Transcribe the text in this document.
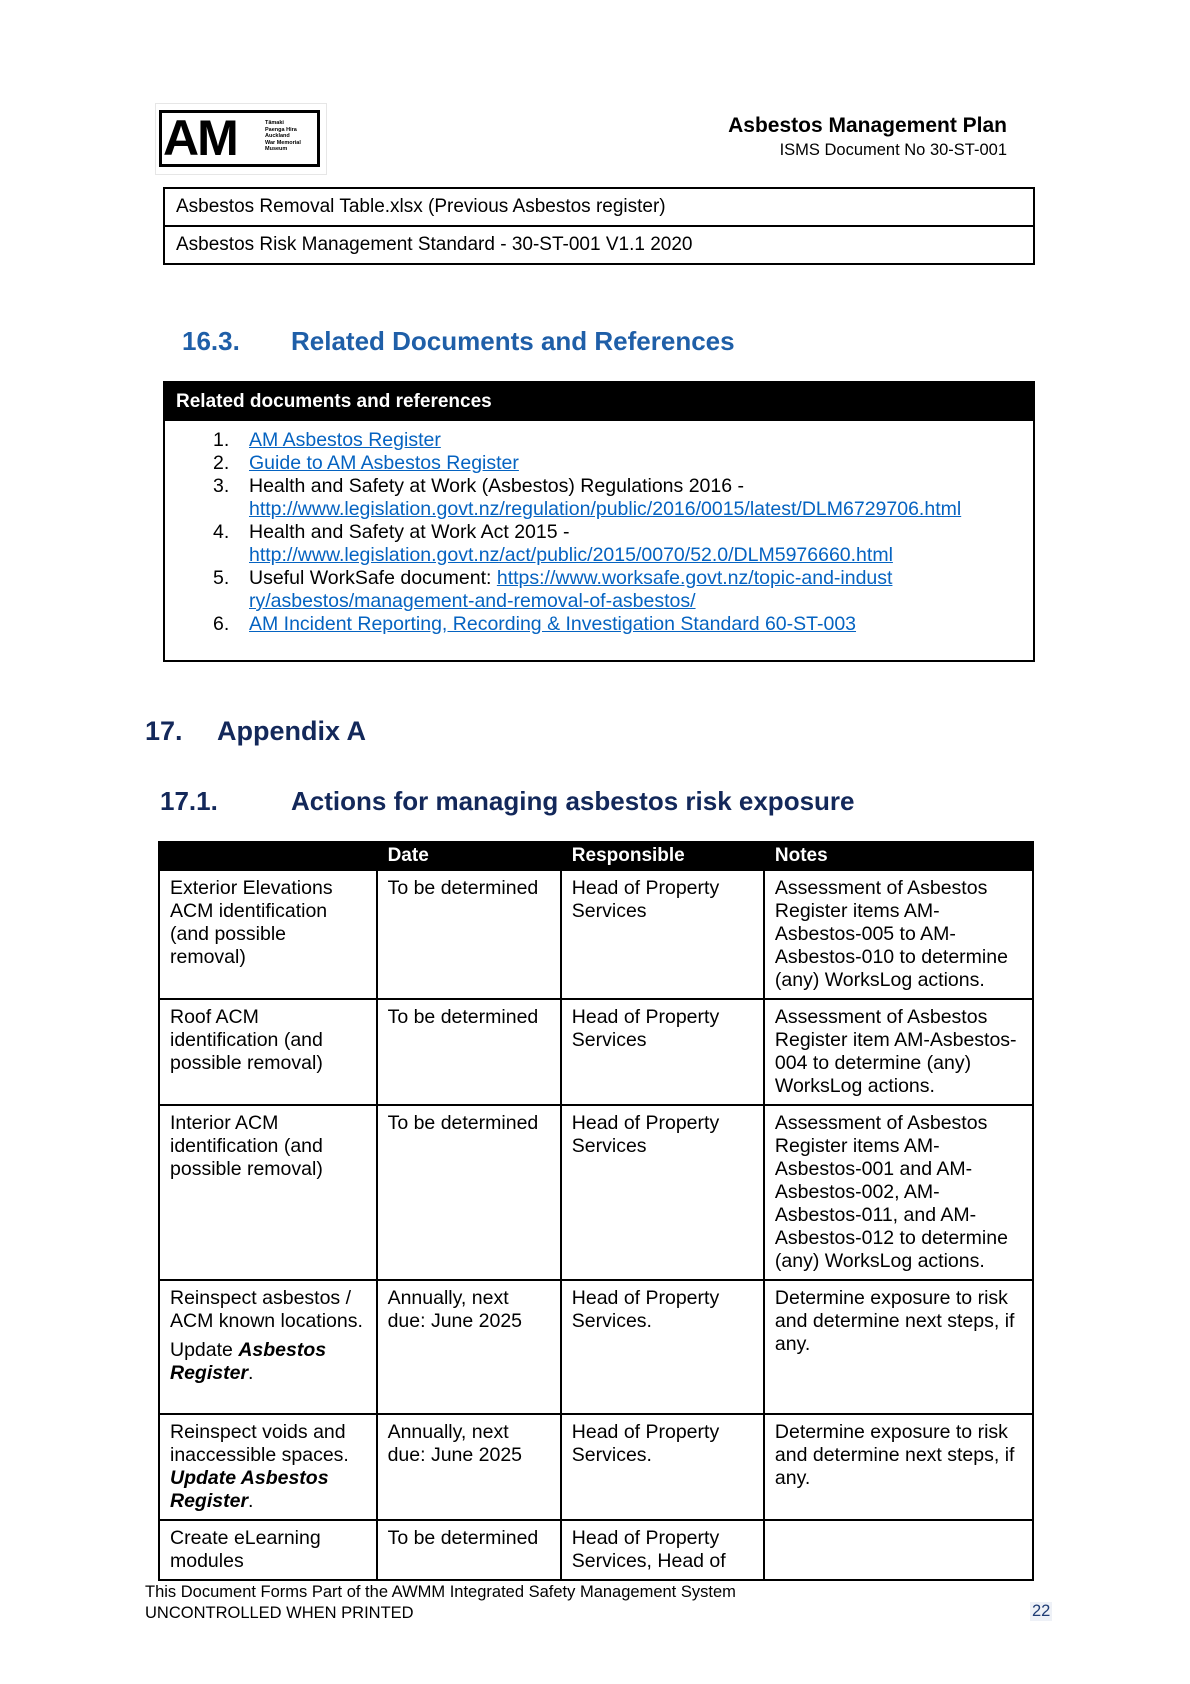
AM	Tāmaki
Paenga Hira
Auckland
War Memorial
Museum
Asbestos Management Plan
ISMS Document No 30-ST-001
Asbestos Removal Table.xlsx (Previous Asbestos register)
Asbestos Risk Management Standard - 30-ST-001 V1.1 2020
16.3. Related Documents and References
Related documents and references
1. AM Asbestos Register
2. Guide to AM Asbestos Register
3. Health and Safety at Work (Asbestos) Regulations 2016 -
http://www.legislation.govt.nz/regulation/public/2016/0015/latest/DLM6729706.html
4. Health and Safety at Work Act 2015 -
http://www.legislation.govt.nz/act/public/2015/0070/52.0/DLM5976660.html
5. Useful WorkSafe document: https://www.worksafe.govt.nz/topic-and-industry/asbestos/management-and-removal-of-asbestos/
6. AM Incident Reporting, Recording & Investigation Standard 60-ST-003
17. Appendix A
17.1.	Actions for managing asbestos risk exposure
	Date	Responsible	Notes
Exterior Elevations ACM identification (and possible removal)	To be determined	Head of Property Services	Assessment of Asbestos Register items AM-Asbestos-005 to AM-Asbestos-010 to determine (any) WorksLog actions.
Roof ACM identification (and possible removal)	To be determined	Head of Property Services	Assessment of Asbestos Register item AM-Asbestos-004 to determine (any) WorksLog actions.
Interior ACM identification (and possible removal)	To be determined	Head of Property Services	Assessment of Asbestos Register items AM-Asbestos-001 and AM-Asbestos-002, AM-Asbestos-011, and AM-Asbestos-012 to determine (any) WorksLog actions.

Reinspect asbestos / ACM known locations.

Update Asbestos Register.	Annually, next due: June 2025	Head of Property Services.	Determine exposure to risk and determine next steps, if any.
Reinspect voids and inaccessible spaces. Update Asbestos Register.	Annually, next due: June 2025	Head of Property Services.	Determine exposure to risk and determine next steps, if any.
Create eLearning modules	To be determined	Head of Property Services, Head of	
This Document Forms Part of the AWMM Integrated Safety Management System
UNCONTROLLED WHEN PRINTED	22
